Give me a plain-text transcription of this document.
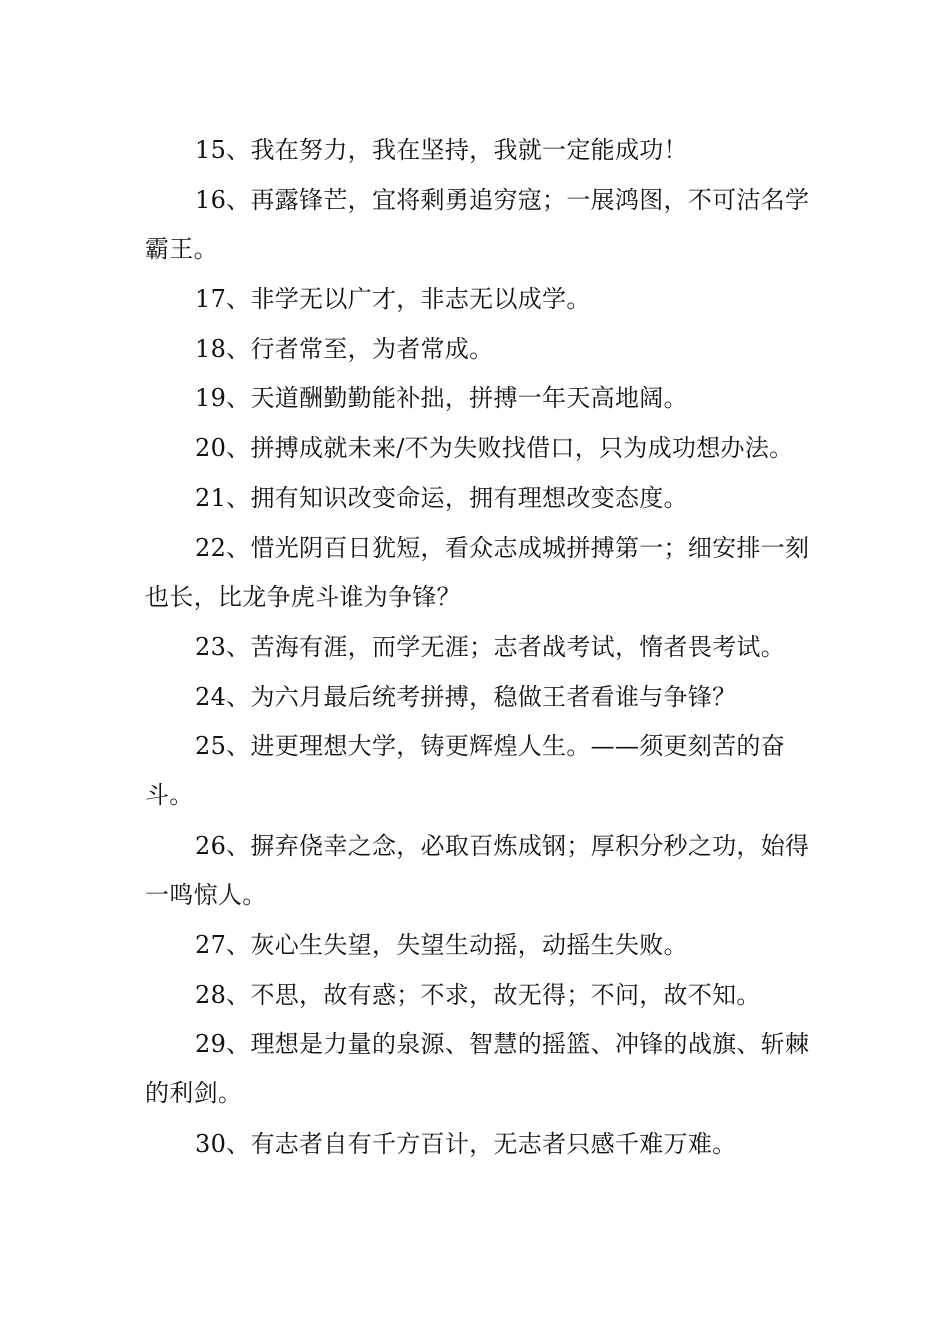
15、我在努力，我在坚持，我就一定能成功！

16、再露锋芒，宜将剩勇追穷寇；一展鸿图，不可沽名学霸王。

17、非学无以广才，非志无以成学。

18、行者常至，为者常成。

19、天道酬勤勤能补拙，拼搏一年天高地阔。

20、拼搏成就未来/不为失败找借口，只为成功想办法。

21、拥有知识改变命运，拥有理想改变态度。

22、惜光阴百日犹短，看众志成城拼搏第一；细安排一刻也长，比龙争虎斗谁为争锋？

23、苦海有涯，而学无涯；志者战考试，惰者畏考试。

24、为六月最后统考拼搏，稳做王者看谁与争锋？

25、进更理想大学，铸更辉煌人生。——须更刻苦的奋斗。

26、摒弃侥幸之念，必取百炼成钢；厚积分秒之功，始得一鸣惊人。

27、灰心生失望，失望生动摇，动摇生失败。

28、不思，故有惑；不求，故无得；不问，故不知。

29、理想是力量的泉源、智慧的摇篮、冲锋的战旗、斩棘的利剑。

30、有志者自有千方百计，无志者只感千难万难。
